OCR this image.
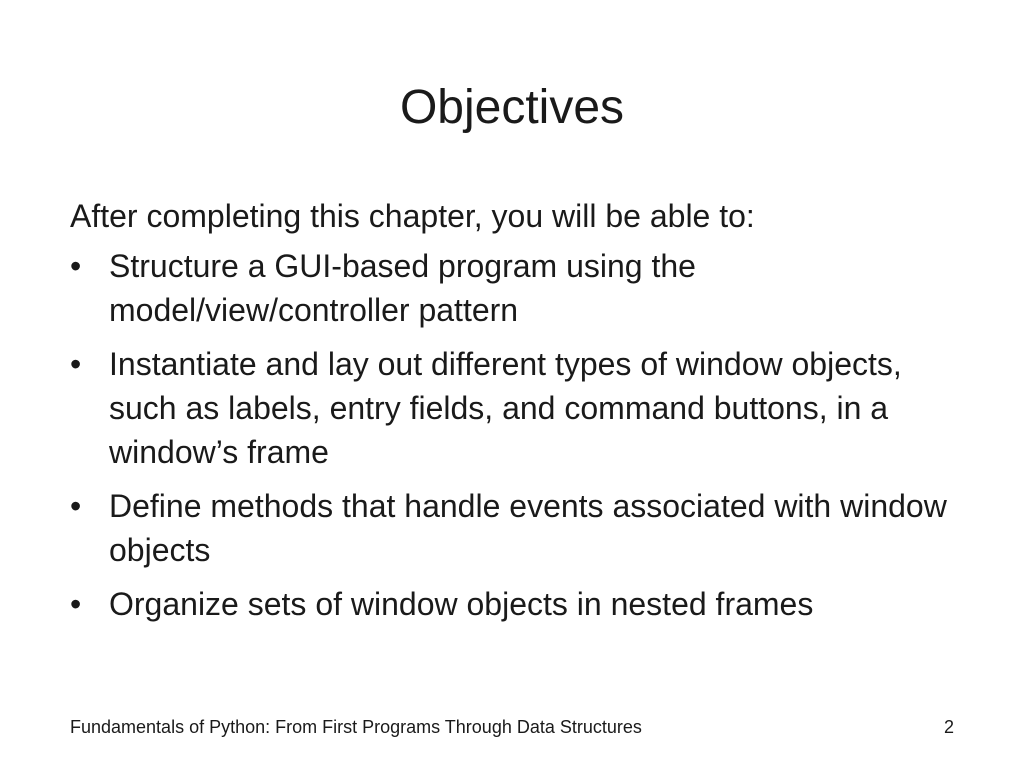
Objectives

After completing this chapter, you will be able to:

• Structure a GUI-based program using the model/view/controller pattern
• Instantiate and lay out different types of window objects, such as labels, entry fields, and command buttons, in a window’s frame
• Define methods that handle events associated with window objects
• Organize sets of window objects in nested frames
Fundamentals of Python: From First Programs Through Data Structures	2
